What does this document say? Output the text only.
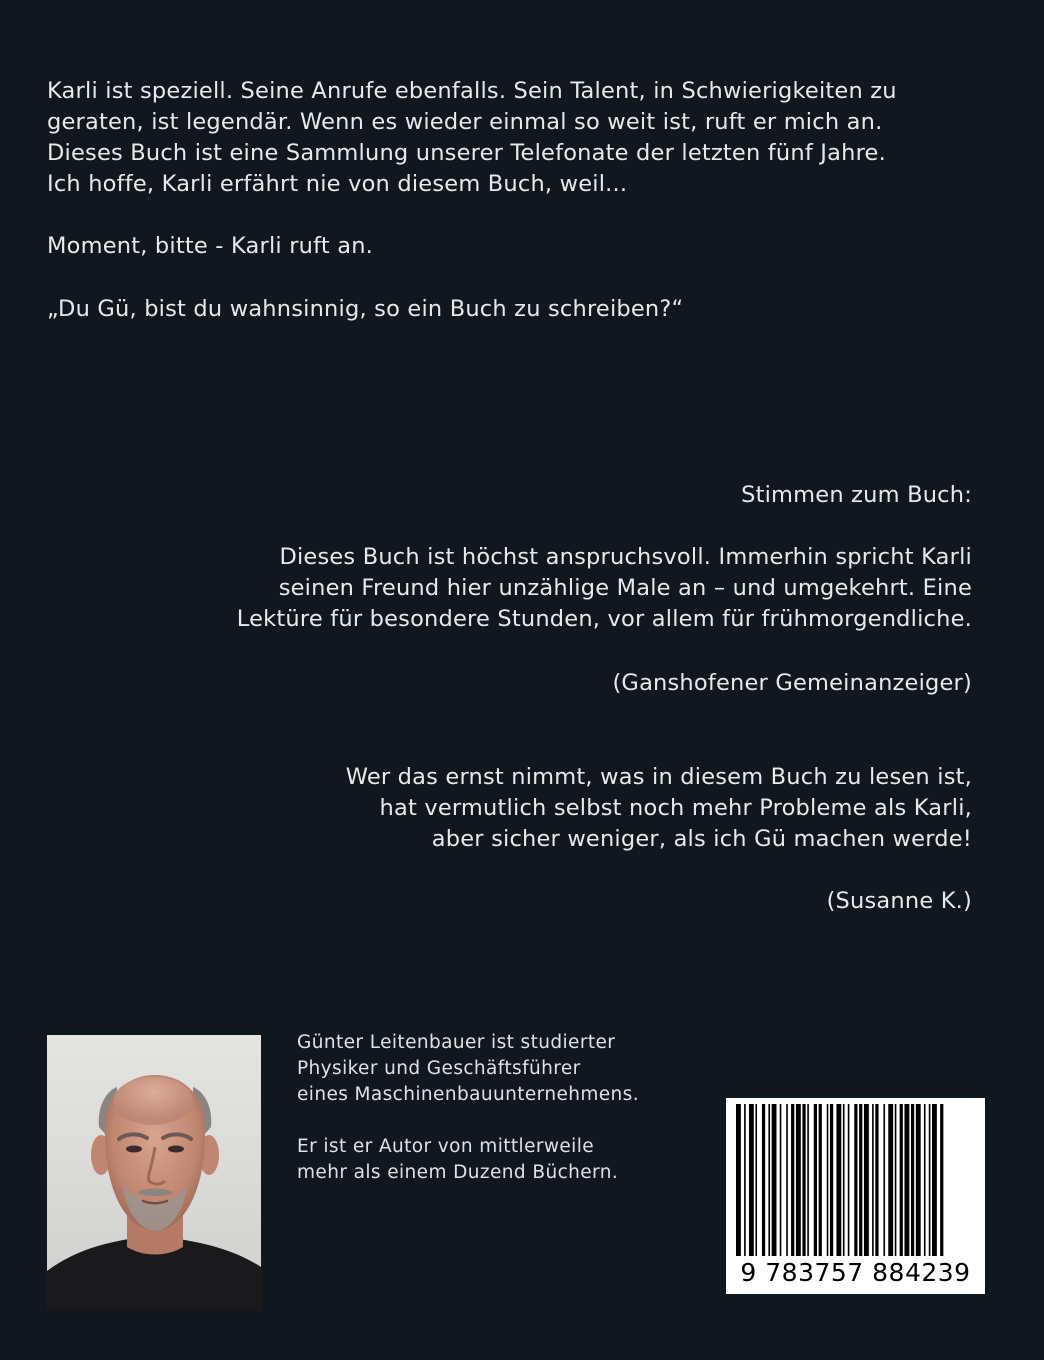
Karli ist speziell. Seine Anrufe ebenfalls. Sein Talent, in Schwierigkeiten zu
geraten, ist legendär. Wenn es wieder einmal so weit ist, ruft er mich an.
Dieses Buch ist eine Sammlung unserer Telefonate der letzten fünf Jahre.
Ich hoffe, Karli erfährt nie von diesem Buch, weil...

Moment, bitte - Karli ruft an.

„Du Gü, bist du wahnsinnig, so ein Buch zu schreiben?“

Stimmen zum Buch:

Dieses Buch ist höchst anspruchsvoll. Immerhin spricht Karli
seinen Freund hier unzählige Male an – und umgekehrt. Eine
Lektüre für besondere Stunden, vor allem für frühmorgendliche.

(Ganshofener Gemeinanzeiger)

Wer das ernst nimmt, was in diesem Buch zu lesen ist,
hat vermutlich selbst noch mehr Probleme als Karli,
aber sicher weniger, als ich Gü machen werde!

(Susanne K.)

Günter Leitenbauer ist studierter
Physiker und Geschäftsführer
eines Maschinenbauunternehmens.

Er ist er Autor von mittlerweile
mehr als einem Duzend Büchern.

9 783757 884239
